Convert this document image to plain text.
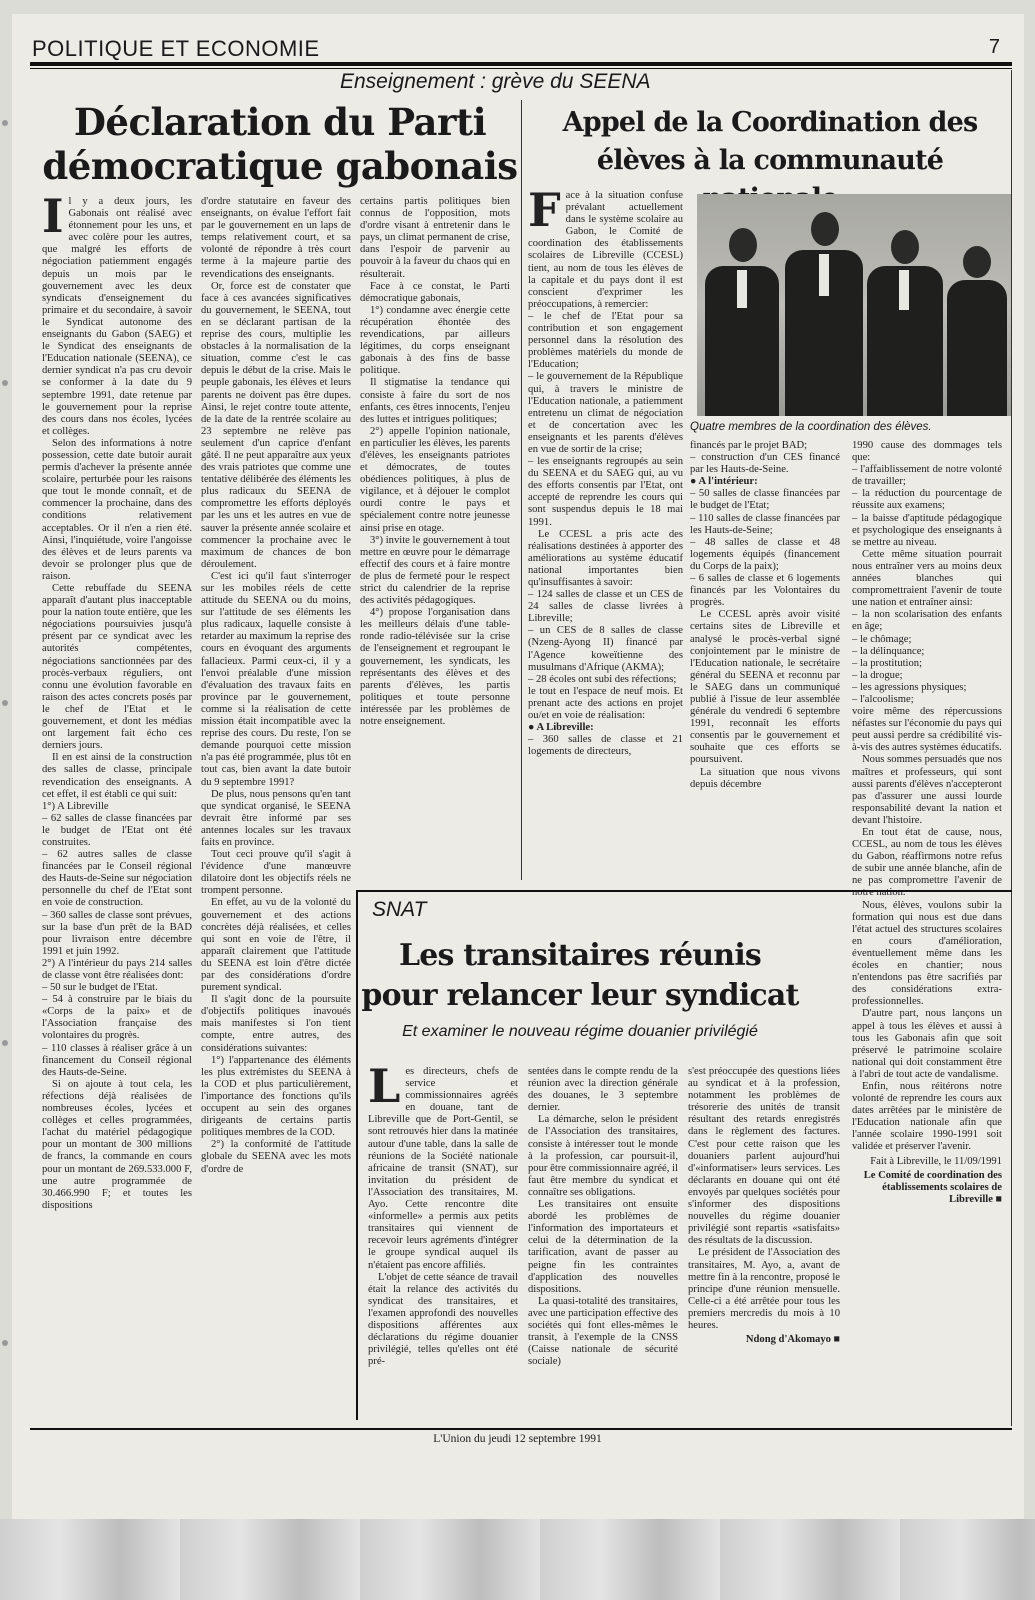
POLITIQUE ET ECONOMIE	7
Enseignement : grève du SEENA
Déclaration du Parti démocratique gabonais
Appel de la Coordination des élèves à la communauté

Il y a deux jours, les Gabonais ont réalisé avec étonnement pour les uns, et avec colère pour les autres, que malgré les efforts de négociation patiemment engagés depuis un mois par le gouvernement avec les deux syndicats d'enseignement du primaire et du secondaire, à savoir le Syndicat autonome des enseignants du Gabon (SAEG) et le Syndicat des enseignants de l'Education nationale (SEENA), ce dernier syndicat n'a pas cru devoir se conformer à la date du 9 septembre 1991, date retenue par le gouvernement pour la reprise des cours dans nos écoles, lycées et collèges.

Selon des informations à notre possession, cette date butoir aurait permis d'achever la présente année scolaire, perturbée pour les raisons que tout le monde connaît, et de commencer la prochaine, dans des conditions relativement acceptables. Or il n'en a rien été. Ainsi, l'inquiétude, voire l'angoisse des élèves et de leurs parents va devoir se prolonger plus que de raison.

Cette rebuffade du SEENA apparaît d'autant plus inacceptable pour la nation toute entière, que les négociations poursuivies jusqu'à présent par ce syndicat avec les autorités compétentes, négociations sanctionnées par des procès-verbaux réguliers, ont connu une évolution favorable en raison des actes concrets posés par le chef de l'Etat et le gouvernement, et dont les médias ont largement fait écho ces derniers jours.

Il en est ainsi de la construction des salles de classe, principale revendication des enseignants. A cet effet, il est établi ce qui suit:

1°) A Libreville

– 62 salles de classe financées par le budget de l'Etat ont été construites.

– 62 autres salles de classe financées par le Conseil régional des Hauts-de-Seine sur négociation personnelle du chef de l'Etat sont en voie de construction.

– 360 salles de classe sont prévues, sur la base d'un prêt de la BAD pour livraison entre décembre 1991 et juin 1992.

2°) A l'intérieur du pays 214 salles de classe vont être réalisées dont:

– 50 sur le budget de l'Etat.

– 54 à construire par le biais du «Corps de la paix» et de l'Association française des volontaires du progrès.

– 110 classes à réaliser grâce à un financement du Conseil régional des Hauts-de-Seine.

Si on ajoute à tout cela, les réfections déjà réalisées de nombreuses écoles, lycées et collèges et celles programmées, l'achat du matériel pédagogique pour un montant de 300 millions de francs, la commande en cours pour un montant de 269.533.000 F, une autre programmée de 30.466.990 F; et toutes les dispositions

d'ordre statutaire en faveur des enseignants, on évalue l'effort fait par le gouvernement en un laps de temps relativement court, et sa volonté de répondre à très court terme à la majeure partie des revendications des enseignants.

Or, force est de constater que face à ces avancées significatives du gouvernement, le SEENA, tout en se déclarant partisan de la reprise des cours, multiplie les obstacles à la normalisation de la situation, comme c'est le cas depuis le début de la crise. Mais le peuple gabonais, les élèves et leurs parents ne doivent pas être dupes. Ainsi, le rejet contre toute attente, de la date de la rentrée scolaire au 23 septembre ne relève pas seulement d'un caprice d'enfant gâté. Il ne peut apparaître aux yeux des vrais patriotes que comme une tentative délibérée des éléments les plus radicaux du SEENA de compromettre les efforts déployés par les uns et les autres en vue de sauver la présente année scolaire et commencer la prochaine avec le maximum de chances de bon déroulement.

C'est ici qu'il faut s'interroger sur les mobiles réels de cette attitude du SEENA ou du moins, sur l'attitude de ses éléments les plus radicaux, laquelle consiste à retarder au maximum la reprise des cours en évoquant des arguments fallacieux. Parmi ceux-ci, il y a l'envoi préalable d'une mission d'évaluation des travaux faits en province par le gouvernement, comme si la réalisation de cette mission était incompatible avec la reprise des cours. Du reste, l'on se demande pourquoi cette mission n'a pas été programmée, plus tôt en tout cas, bien avant la date butoir du 9 septembre 1991?

De plus, nous pensons qu'en tant que syndicat organisé, le SEENA devrait être informé par ses antennes locales sur les travaux faits en province.

Tout ceci prouve qu'il s'agit à l'évidence d'une manœuvre dilatoire dont les objectifs réels ne trompent personne.

En effet, au vu de la volonté du gouvernement et des actions concrètes déjà réalisées, et celles qui sont en voie de l'être, il apparaît clairement que l'attitude du SEENA est loin d'être dictée par des considérations d'ordre purement syndical.

Il s'agit donc de la poursuite d'objectifs politiques inavoués mais manifestes si l'on tient compte, entre autres, des considérations suivantes:

1°) l'appartenance des éléments les plus extrémistes du SEENA à la COD et plus particulièrement, l'importance des fonctions qu'ils occupent au sein des organes dirigeants de certains partis politiques membres de la COD.

2°) la conformité de l'attitude globale du SEENA avec les mots d'ordre de

certains partis politiques bien connus de l'opposition, mots d'ordre visant à entretenir dans le pays, un climat permanent de crise, dans l'espoir de parvenir au pouvoir à la faveur du chaos qui en résulterait.

Face à ce constat, le Parti démocratique gabonais,

1°) condamne avec énergie cette récupération éhontée des revendications, par ailleurs légitimes, du corps enseignant gabonais à des fins de basse politique.

Il stigmatise la tendance qui consiste à faire du sort de nos enfants, ces êtres innocents, l'enjeu des luttes et intrigues politiques;

2°) appelle l'opinion nationale, en particulier les élèves, les parents d'élèves, les enseignants patriotes et démocrates, de toutes obédiences politiques, à plus de vigilance, et à déjouer le complot ourdi contre le pays et spécialement contre notre jeunesse ainsi prise en otage.

3°) invite le gouvernement à tout mettre en œuvre pour le démarrage effectif des cours et à faire montre de plus de fermeté pour le respect strict du calendrier de la reprise des activités pédagogiques.

4°) propose l'organisation dans les meilleurs délais d'une table-ronde radio-télévisée sur la crise de l'enseignement et regroupant le gouvernement, les syndicats, les représentants des élèves et des parents d'élèves, les partis politiques et toute personne intéressée par les problèmes de notre enseignement.

Face à la situation confuse prévalant actuellement dans le système scolaire au Gabon, le Comité de coordination des établissements scolaires de Libreville (CCESL) tient, au nom de tous les élèves de la capitale et du pays dont il est conscient d'exprimer les préoccupations, à remercier:

– le chef de l'Etat pour sa contribution et son engagement personnel dans la résolution des problèmes matériels du monde de l'Education;

– le gouvernement de la République qui, à travers le ministre de l'Education nationale, a patiemment entretenu un climat de négociation et de concertation avec les enseignants et les parents d'élèves en vue de sortir de la crise;

– les enseignants regroupés au sein du SEENA et du SAEG qui, au vu des efforts consentis par l'Etat, ont accepté de reprendre les cours qui sont suspendus depuis le 18 mai 1991.

Le CCESL a pris acte des réalisations destinées à apporter des améliorations au système éducatif national importantes bien qu'insuffisantes à savoir:

– 124 salles de classe et un CES de 24 salles de classe livrées à Libreville;

– un CES de 8 salles de classe (Nzeng-Ayong II) financé par l'Agence koweïtienne des musulmans d'Afrique (AKMA);

– 28 écoles ont subi des réfections;

le tout en l'espace de neuf mois. Et prenant acte des actions en projet ou/et en voie de réalisation:

● A Libreville:

– 360 salles de classe et 21 logements de directeurs,

Quatre membres de la coordination des élèves.

financés par le projet BAD;

– construction d'un CES financé par les Hauts-de-Seine.

● A l'intérieur:

– 50 salles de classe financées par le budget de l'Etat;

– 110 salles de classe financées par les Hauts-de-Seine;

– 48 salles de classe et 48 logements équipés (financement du Corps de la paix);

– 6 salles de classe et 6 logements financés par les Volontaires du progrès.

Le CCESL après avoir visité certains sites de Libreville et analysé le procès-verbal signé conjointement par le ministre de l'Education nationale, le secrétaire général du SEENA et reconnu par le SAEG dans un communiqué publié à l'issue de leur assemblée générale du vendredi 6 septembre 1991, reconnaît les efforts consentis par le gouvernement et souhaite que ces efforts se poursuivent.

La situation que nous vivons depuis décembre

1990 cause des dommages tels que:

– l'affaiblissement de notre volonté de travailler;

– la réduction du pourcentage de réussite aux examens;

– la baisse d'aptitude pédagogique et psychologique des enseignants à se mettre au niveau.

Cette même situation pourrait nous entraîner vers au moins deux années blanches qui compromettraient l'avenir de toute une nation et entraîner ainsi:

– la non scolarisation des enfants en âge;

– le chômage;

– la délinquance;

– la prostitution;

– la drogue;

– les agressions physiques;

– l'alcoolisme;

voire même des répercussions néfastes sur l'économie du pays qui peut aussi perdre sa crédibilité vis-à-vis des autres systèmes éducatifs.

Nous sommes persuadés que nos maîtres et professeurs, qui sont aussi parents d'élèves n'accepteront pas d'assurer une aussi lourde responsabilité devant la nation et devant l'histoire.

En tout état de cause, nous, CCESL, au nom de tous les élèves du Gabon, réaffirmons notre refus de subir une année blanche, afin de ne pas compromettre l'avenir de notre nation.

Nous, élèves, voulons subir la formation qui nous est due dans l'état actuel des structures scolaires en cours d'amélioration, éventuellement même dans les écoles en chantier; nous n'entendons pas être sacrifiés par des considérations extra-professionnelles.

D'autre part, nous lançons un appel à tous les élèves et aussi à tous les Gabonais afin que soit préservé le patrimoine scolaire national qui doit constamment être à l'abri de tout acte de vandalisme.

Enfin, nous réitérons notre volonté de reprendre les cours aux dates arrêtées par le ministère de l'Education nationale afin que l'année scolaire 1990-1991 soit validée et préserver l'avenir.

Fait à Libreville, le 11/09/1991

Le Comité de coordination des établissements scolaires de Libreville ■

SNAT
Les transitaires réunis pour relancer leur syndicat
Et examiner le nouveau régime douanier privilégié

Les directeurs, chefs de service et commissionnaires agréés en douane, tant de Libreville que de Port-Gentil, se sont retrouvés hier dans la matinée autour d'une table, dans la salle de réunions de la Société nationale africaine de transit (SNAT), sur invitation du président de l'Association des transitaires, M. Ayo. Cette rencontre dite «informelle» a permis aux petits transitaires qui viennent de recevoir leurs agréments d'intégrer le groupe syndical auquel ils n'étaient pas encore affiliés.

L'objet de cette séance de travail était la relance des activités du syndicat des transitaires, et l'examen approfondi des nouvelles dispositions afférentes aux déclarations du régime douanier privilégié, telles qu'elles ont été pré-

sentées dans le compte rendu de la réunion avec la direction générale des douanes, le 3 septembre dernier.

La démarche, selon le président de l'Association des transitaires, consiste à intéresser tout le monde à la profession, car poursuit-il, pour être commissionnaire agréé, il faut être membre du syndicat et connaître ses obligations.

Les transitaires ont ensuite abordé les problèmes de l'information des importateurs et celui de la détermination de la tarification, avant de passer au peigne fin les contraintes d'application des nouvelles dispositions.

La quasi-totalité des transitaires, avec une participation effective des sociétés qui font elles-mêmes le transit, à l'exemple de la CNSS (Caisse nationale de sécurité sociale)

s'est préoccupée des questions liées au syndicat et à la profession, notamment les problèmes de trésorerie des unités de transit résultant des retards enregistrés dans le règlement des factures. C'est pour cette raison que les douaniers parlent aujourd'hui d'«informatiser» leurs services. Les déclarants en douane qui ont été envoyés par quelques sociétés pour s'informer des dispositions nouvelles du régime douanier privilégié sont repartis «satisfaits» des résultats de la discussion.

Le président de l'Association des transitaires, M. Ayo, a, avant de mettre fin à la rencontre, proposé le principe d'une réunion mensuelle. Celle-ci a été arrêtée pour tous les premiers mercredis du mois à 10 heures.

Ndong d'Akomayo ■

L'Union du jeudi 12 septembre 1991
